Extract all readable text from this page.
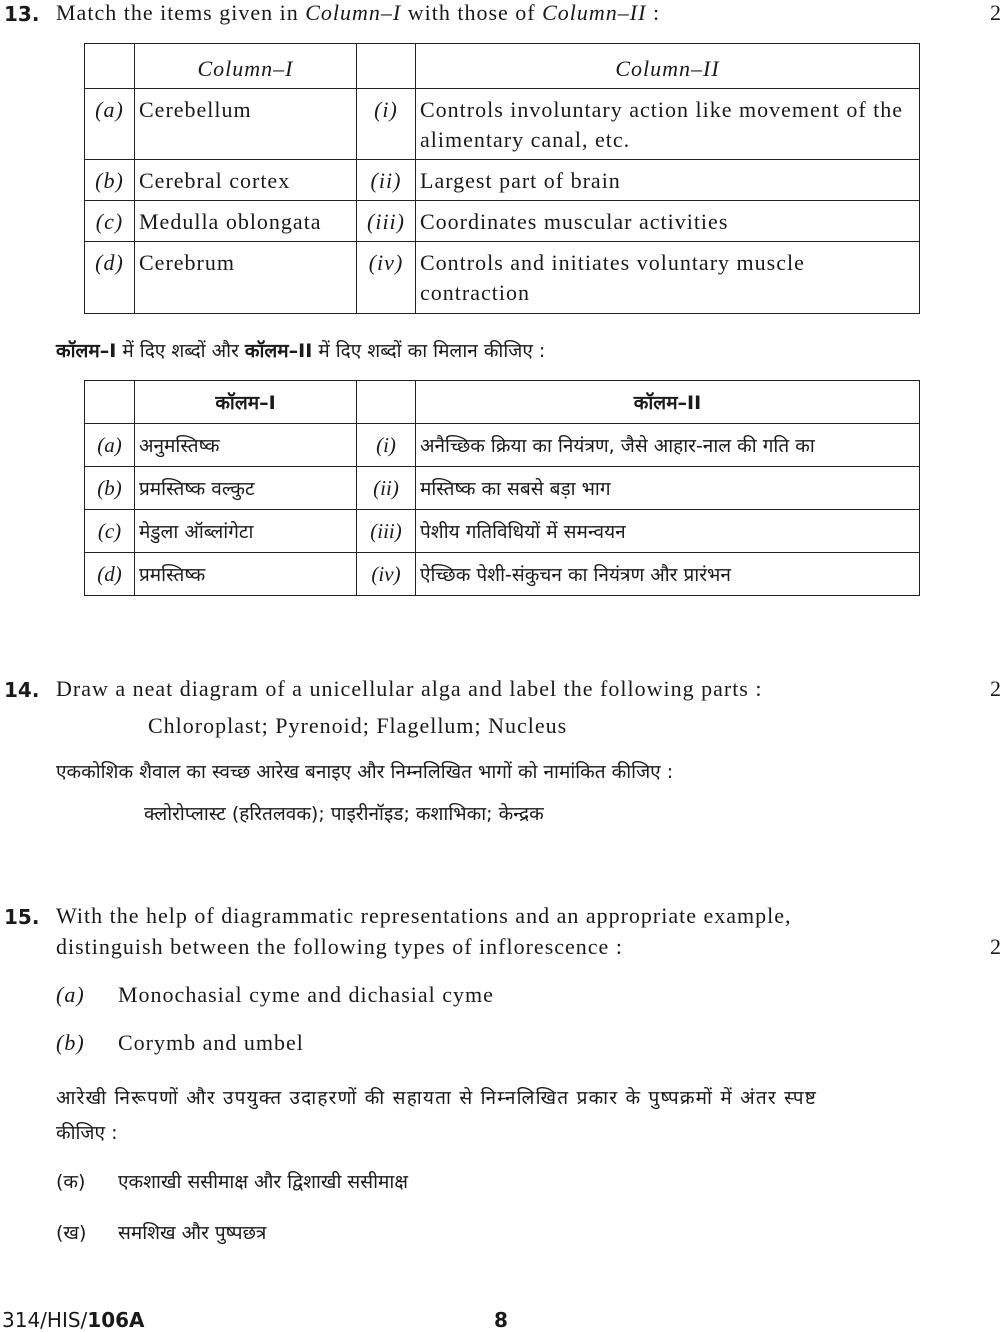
13. Match the items given in Column–I with those of Column–II :	2
	Column–I		Column–II
(a)	Cerebellum	(i)	Controls involuntary action like movement of the alimentary canal, etc.
(b)	Cerebral cortex	(ii)	Largest part of brain
(c)	Medulla oblongata	(iii)	Coordinates muscular activities
(d)	Cerebrum	(iv)	Controls and initiates voluntary muscle contraction
कॉलम–I में दिए शब्दों और कॉलम–II में दिए शब्दों का मिलान कीजिए :
	कॉलम–I		कॉलम–II
(a)	अनुमस्तिष्क	(i)	अनैच्छिक क्रिया का नियंत्रण, जैसे आहार-नाल की गति का
(b)	प्रमस्तिष्क वल्कुट	(ii)	मस्तिष्क का सबसे बड़ा भाग
(c)	मेडुला ऑब्लांगेटा	(iii)	पेशीय गतिविधियों में समन्वयन
(d)	प्रमस्तिष्क	(iv)	ऐच्छिक पेशी-संकुचन का नियंत्रण और प्रारंभन
14. Draw a neat diagram of a unicellular alga and label the following parts :	2
Chloroplast; Pyrenoid; Flagellum; Nucleus
एककोशिक शैवाल का स्वच्छ आरेख बनाइए और निम्नलिखित भागों को नामांकित कीजिए :
क्लोरोप्लास्ट (हरितलवक); पाइरीनॉइड; कशाभिका; केन्द्रक
15. With the help of diagrammatic representations and an appropriate example,
distinguish between the following types of inflorescence :	2
(a) Monochasial cyme and dichasial cyme
(b) Corymb and umbel
आरेखी निरूपणों और उपयुक्त उदाहरणों की सहायता से निम्नलिखित प्रकार के पुष्पक्रमों में अंतर स्पष्ट
कीजिए :
(क) एकशाखी ससीमाक्ष और द्विशाखी ससीमाक्ष
(ख) समशिख और पुष्पछत्र
314/HIS/106A	8
